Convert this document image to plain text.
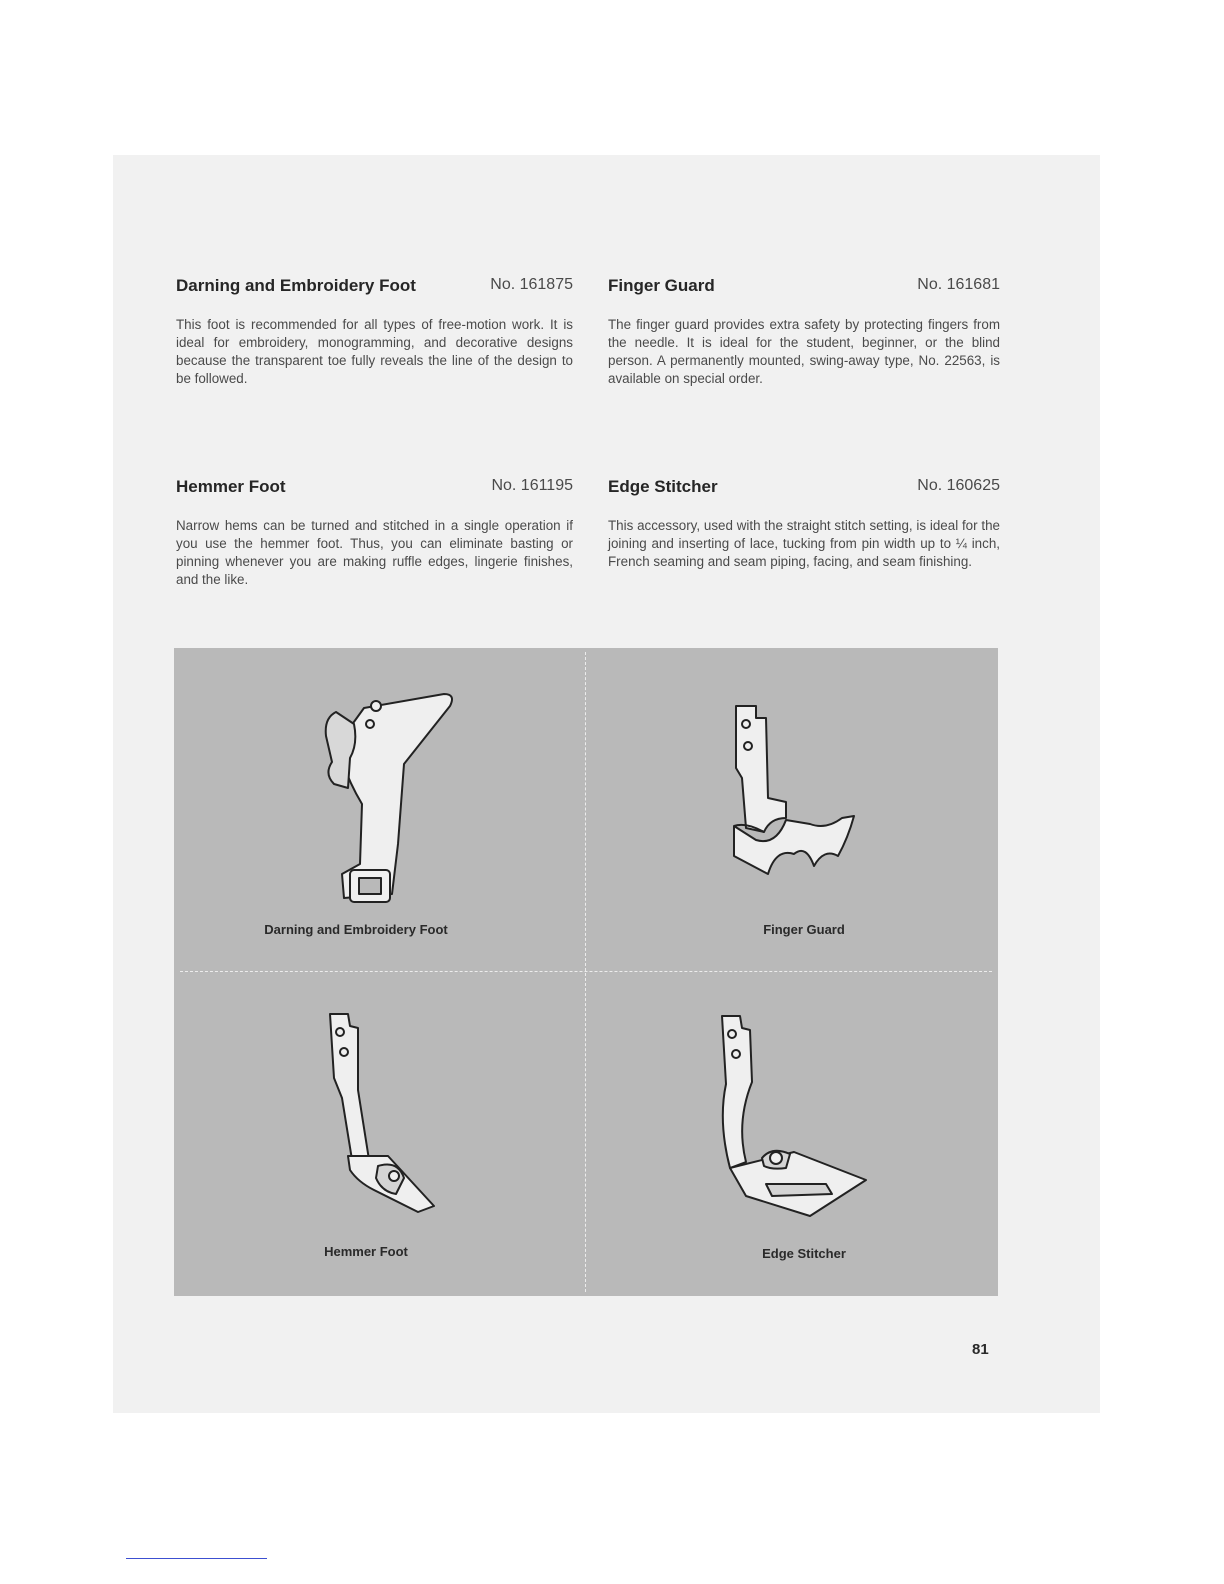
Darning and Embroidery Foot	No. 161875
This foot is recommended for all types of free-motion work. It is ideal for embroidery, monogramming, and decorative designs because the transparent toe fully reveals the line of the design to be followed.
Finger Guard	No. 161681
The finger guard provides extra safety by protecting fingers from the needle. It is ideal for the student, beginner, or the blind person. A permanently mounted, swing-away type, No. 22563, is available on special order.
Hemmer Foot	No. 161195
Narrow hems can be turned and stitched in a single operation if you use the hemmer foot. Thus, you can eliminate basting or pinning whenever you are making ruffle edges, lingerie finishes, and the like.
Edge Stitcher	No. 160625
This accessory, used with the straight stitch setting, is ideal for the joining and inserting of lace, tucking from pin width up to ¼ inch, French seaming and seam piping, facing, and seam finishing.
Darning and Embroidery Foot	Finger Guard
Hemmer Foot	Edge Stitcher
81
